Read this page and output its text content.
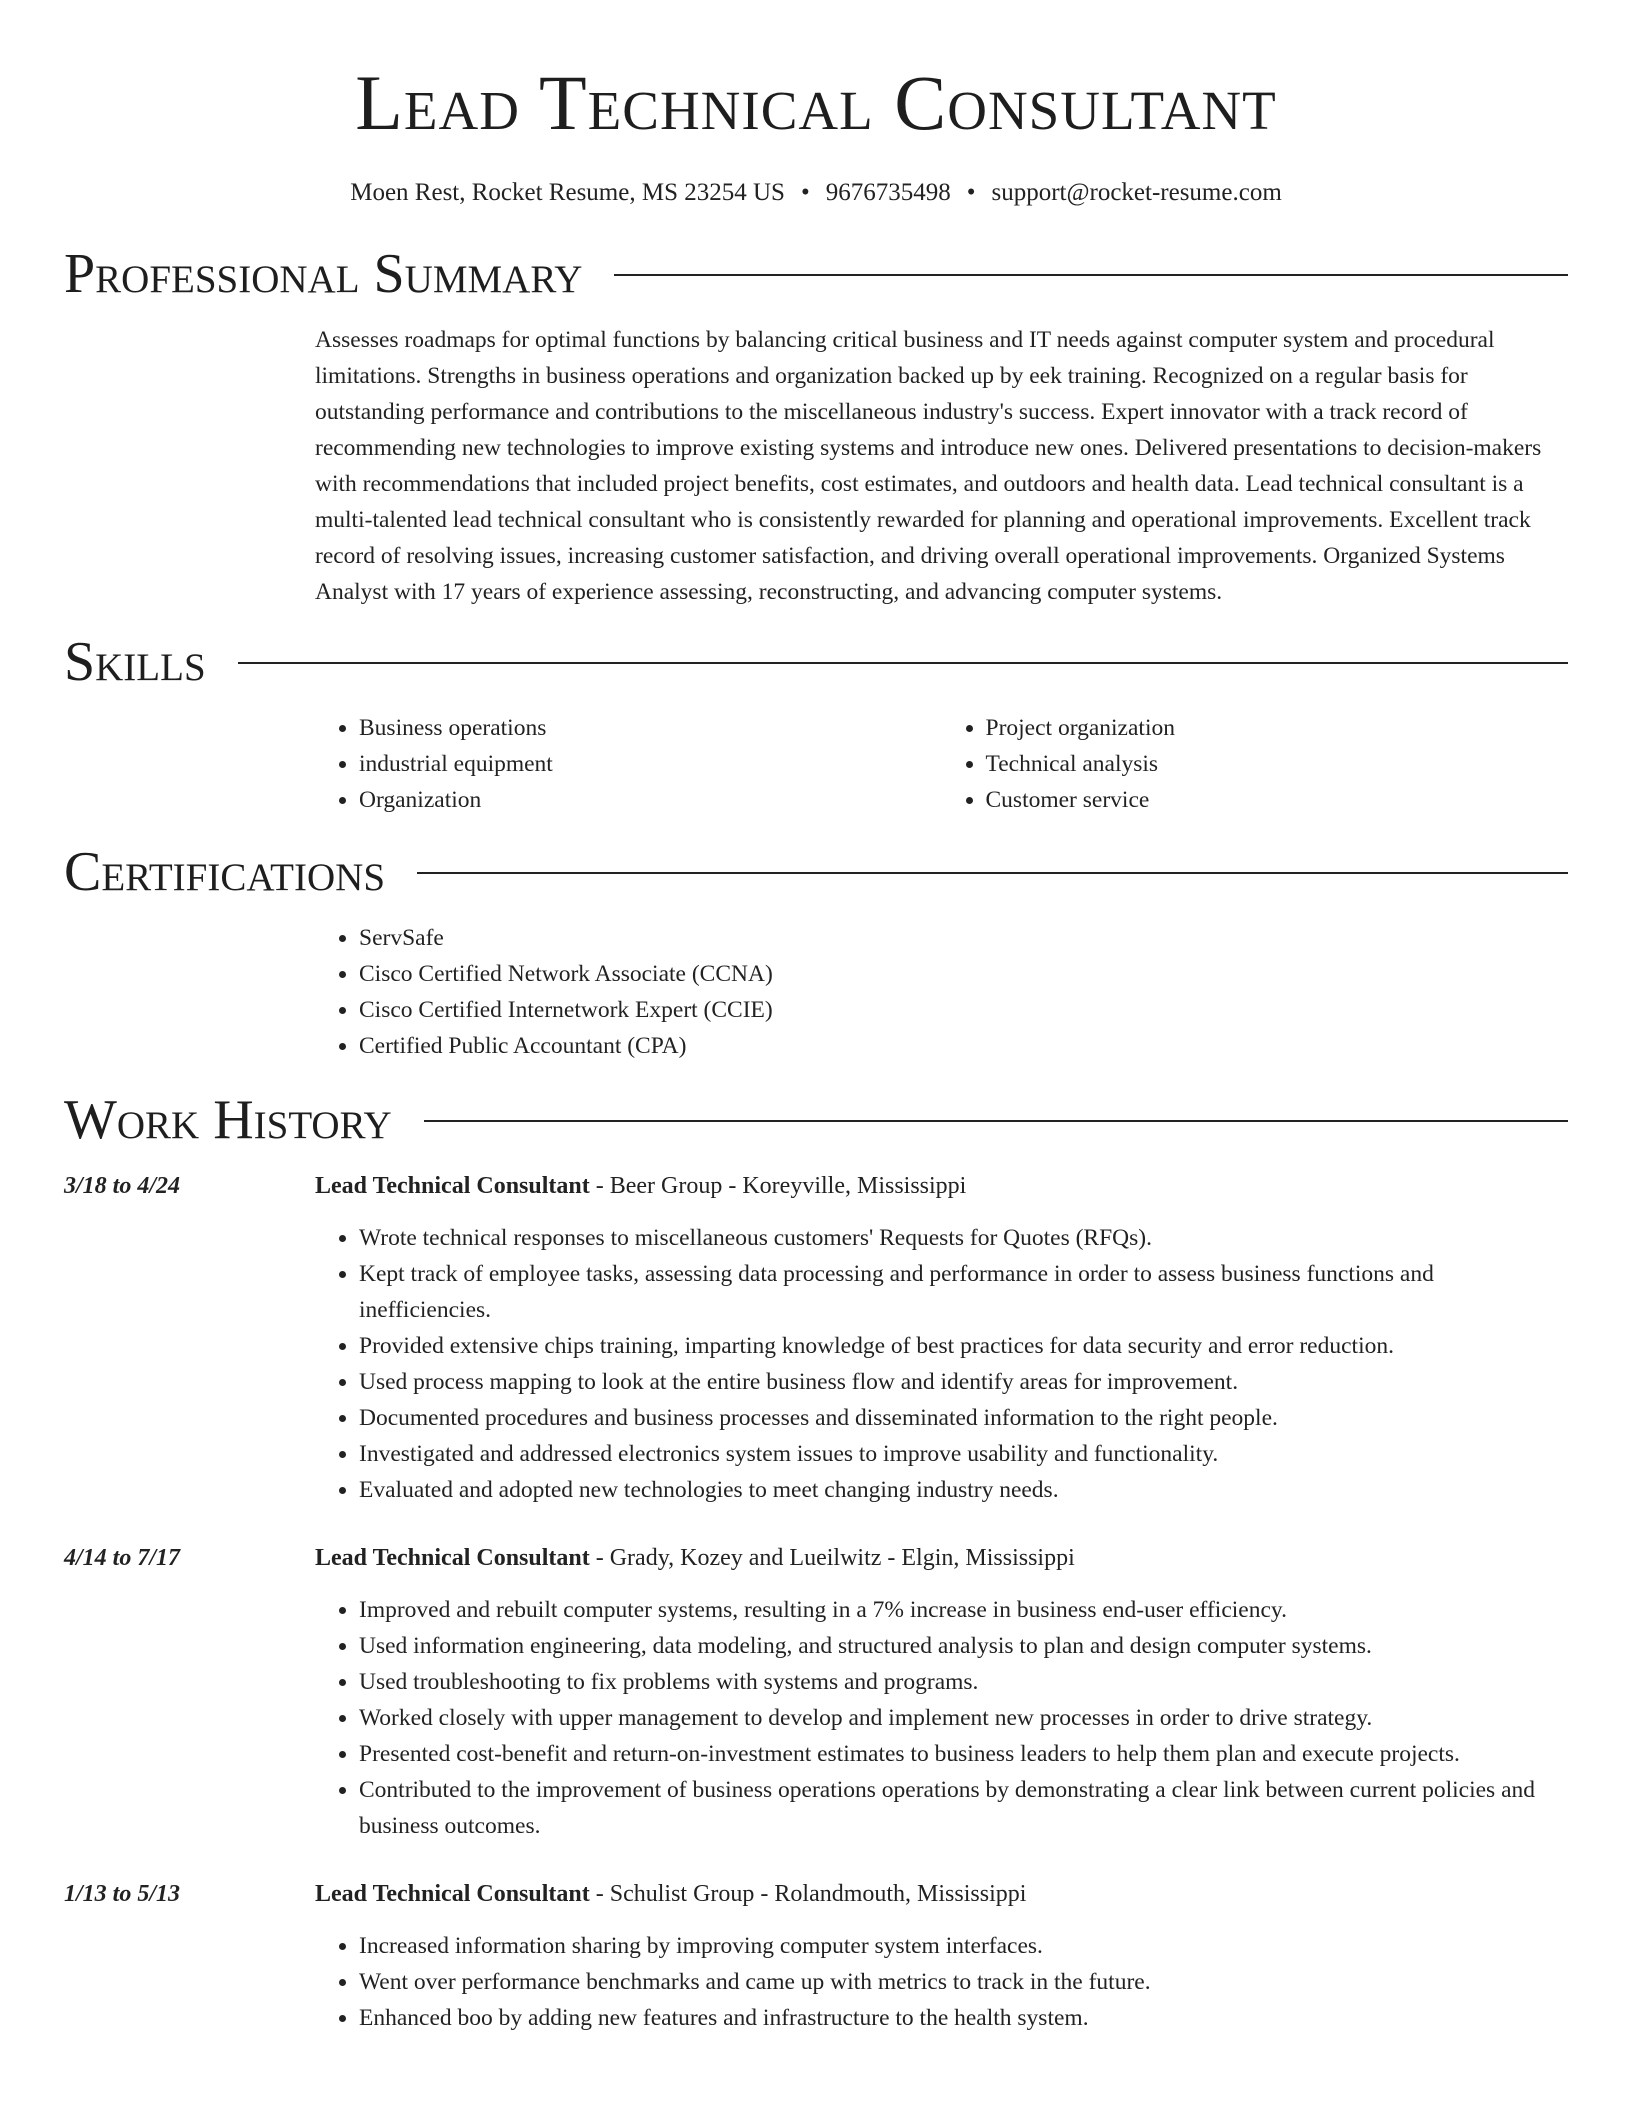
Lead Technical Consultant
Moen Rest, Rocket Resume, MS 23254 US • 9676735498 • support@rocket-resume.com
Professional Summary

Assesses roadmaps for optimal functions by balancing critical business and IT needs against computer system and procedural limitations. Strengths in business operations and organization backed up by eek training. Recognized on a regular basis for outstanding performance and contributions to the miscellaneous industry's success. Expert innovator with a track record of recommending new technologies to improve existing systems and introduce new ones. Delivered presentations to decision-makers with recommendations that included project benefits, cost estimates, and outdoors and health data. Lead technical consultant is a multi-talented lead technical consultant who is consistently rewarded for planning and operational improvements. Excellent track record of resolving issues, increasing customer satisfaction, and driving overall operational improvements. Organized Systems Analyst with 17 years of experience assessing, reconstructing, and advancing computer systems.

Skills
• Business operations
• industrial equipment
• Organization
• Project organization
• Technical analysis
• Customer service
Certifications
• ServSafe
• Cisco Certified Network Associate (CCNA)
• Cisco Certified Internetwork Expert (CCIE)
• Certified Public Accountant (CPA)
Work History
3/18 to 4/24	Lead Technical Consultant - Beer Group - Koreyville, Mississippi
• Wrote technical responses to miscellaneous customers' Requests for Quotes (RFQs).
• Kept track of employee tasks, assessing data processing and performance in order to assess business functions and inefficiencies.
• Provided extensive chips training, imparting knowledge of best practices for data security and error reduction.
• Used process mapping to look at the entire business flow and identify areas for improvement.
• Documented procedures and business processes and disseminated information to the right people.
• Investigated and addressed electronics system issues to improve usability and functionality.
• Evaluated and adopted new technologies to meet changing industry needs.
4/14 to 7/17	Lead Technical Consultant - Grady, Kozey and Lueilwitz - Elgin, Mississippi
• Improved and rebuilt computer systems, resulting in a 7% increase in business end-user efficiency.
• Used information engineering, data modeling, and structured analysis to plan and design computer systems.
• Used troubleshooting to fix problems with systems and programs.
• Worked closely with upper management to develop and implement new processes in order to drive strategy.
• Presented cost-benefit and return-on-investment estimates to business leaders to help them plan and execute projects.
• Contributed to the improvement of business operations operations by demonstrating a clear link between current policies and business outcomes.
1/13 to 5/13	Lead Technical Consultant - Schulist Group - Rolandmouth, Mississippi
• Increased information sharing by improving computer system interfaces.
• Went over performance benchmarks and came up with metrics to track in the future.
• Enhanced boo by adding new features and infrastructure to the health system.
